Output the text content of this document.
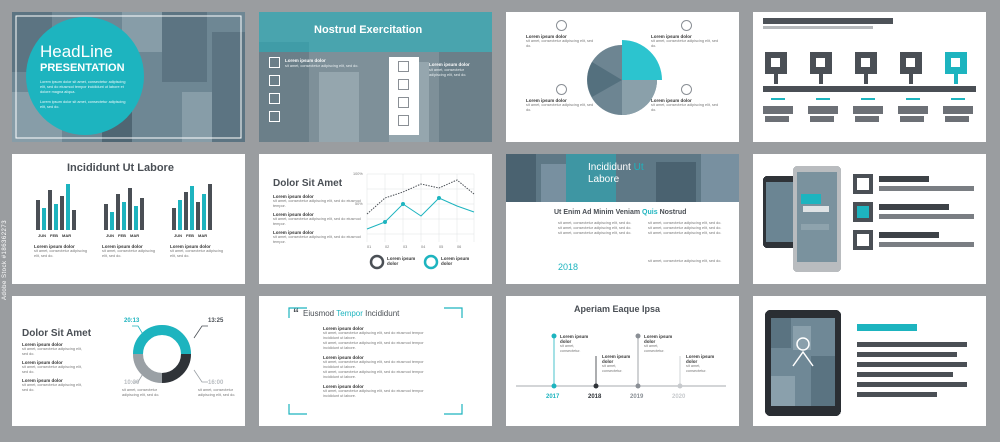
HeadLine
PRESENTATION
Lorem ipsum dolor sit amet, consectetur adipiscing elit, sed do eiusmod tempor incididunt ut labore et dolore magna aliqua.
Lorem ipsum dolor sit amet, consectetur adipiscing elit, sed do.
Nostrud Exercitation
Lorem ipsum dolor
sit amet, consectetur adipiscing elit, sed do.	Lorem ipsum dolor
sit amet, consectetur adipiscing elit, sed do.
Lorem ipsum dolor
sit amet, consectetur adipiscing elit, sed do.
Lorem ipsum dolor
sit amet, consectetur adipiscing elit, sed do.
Lorem ipsum dolor
sit amet, consectetur adipiscing elit, sed do.
Lorem ipsum dolor
sit amet, consectetur adipiscing elit, sed do.
Incididunt Ut Labore
JUN FEB MAR	JUN FEB MAR	JUN FEB MAR
Lorem ipsum dolor
sit amet, consectetur adipiscing elit, sed do.
Lorem ipsum dolor
sit amet, consectetur adipiscing elit, sed do.
Lorem ipsum dolor
sit amet, consectetur adipiscing elit, sed do.
Dolor Sit Amet
Lorem ipsum dolor
sit amet, consectetur adipiscing elit, sed do eiusmod tempor.
Lorem ipsum dolor
sit amet, consectetur adipiscing elit, sed do eiusmod tempor.
Lorem ipsum dolor
sit amet, consectetur adipiscing elit, sed do eiusmod tempor.
100%
50%
01	02	03	04	05	06
Lorem ipsum dolor
Lorem ipsum dolor
Incididunt Ut
Labore
Ut Enim Ad Minim Veniam Quis Nostrud
sit amet, consectetur adipiscing elit, sed do.
sit amet, consectetur adipiscing elit, sed do.
sit amet, consectetur adipiscing elit, sed do.
sit amet, consectetur adipiscing elit, sed do.
sit amet, consectetur adipiscing elit, sed do.
sit amet, consectetur adipiscing elit, sed do.
2018
sit amet, consectetur adipiscing elit, sed do.
Dolor Sit Amet
Lorem ipsum dolor
sit amet, consectetur adipiscing elit, sed do.
Lorem ipsum dolor
sit amet, consectetur adipiscing elit, sed do.
Lorem ipsum dolor
sit amet, consectetur adipiscing elit, sed do.
20:13	13:25
10:30	16:00
sit amet, consectetur adipiscing elit, sed do.
sit amet, consectetur adipiscing elit, sed do.
“ Eiusmod Tempor Incididunt
Lorem ipsum dolor
sit amet, consectetur adipiscing elit, sed do eiusmod tempor incididunt ut labore.
sit amet, consectetur adipiscing elit, sed do eiusmod tempor incididunt ut labore.
Lorem ipsum dolor
sit amet, consectetur adipiscing elit, sed do eiusmod tempor incididunt ut labore.
sit amet, consectetur adipiscing elit, sed do eiusmod tempor incididunt ut labore.
Lorem ipsum dolor
sit amet, consectetur adipiscing elit, sed do eiusmod tempor incididunt ut labore.
Aperiam Eaque Ipsa
Lorem ipsum dolor
sit amet, consectetur.
Lorem ipsum dolor
sit amet, consectetur.
Lorem ipsum dolor
sit amet, consectetur.
Lorem ipsum dolor
sit amet, consectetur.
2017	2018	2019	2020
Adobe Stock #186362273
